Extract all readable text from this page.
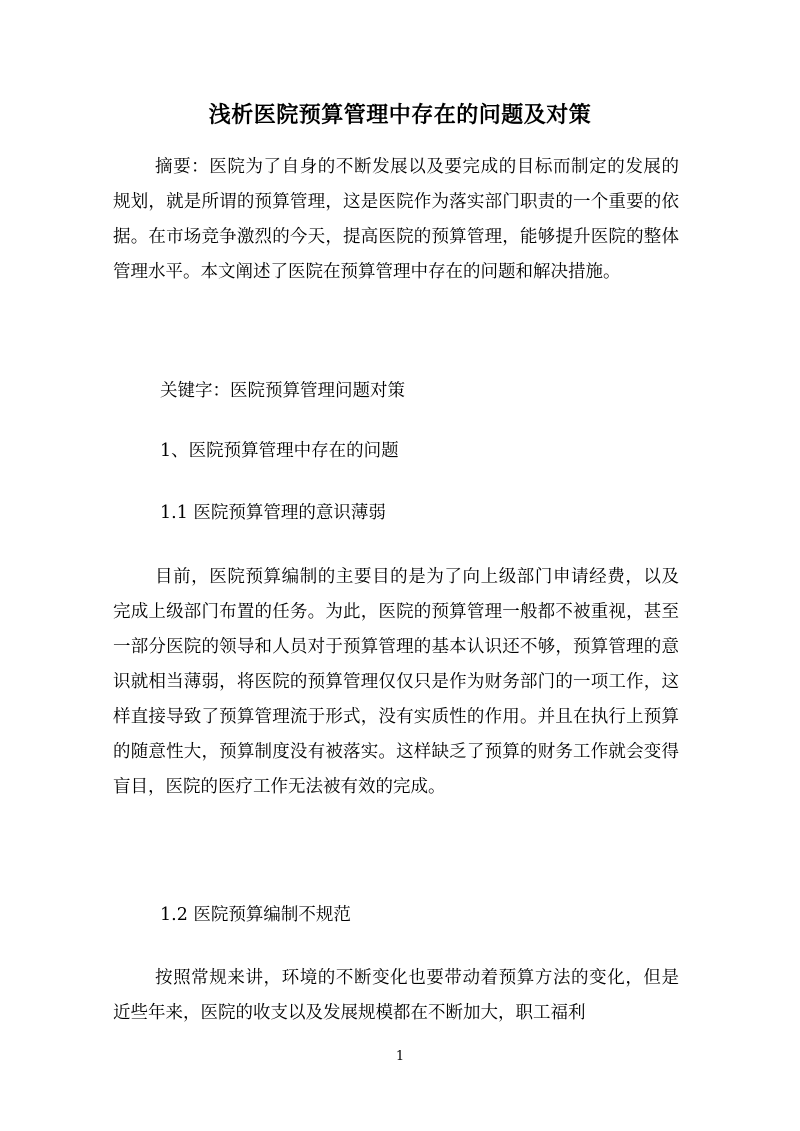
浅析医院预算管理中存在的问题及对策
摘要：医院为了自身的不断发展以及要完成的目标而制定的发展的规划，就是所谓的预算管理，这是医院作为落实部门职责的一个重要的依据。在市场竞争激烈的今天，提高医院的预算管理，能够提升医院的整体管理水平。本文阐述了医院在预算管理中存在的问题和解决措施。
关键字：医院预算管理问题对策
1、医院预算管理中存在的问题
1.1 医院预算管理的意识薄弱
目前，医院预算编制的主要目的是为了向上级部门申请经费，以及完成上级部门布置的任务。为此，医院的预算管理一般都不被重视，甚至一部分医院的领导和人员对于预算管理的基本认识还不够，预算管理的意识就相当薄弱，将医院的预算管理仅仅只是作为财务部门的一项工作，这样直接导致了预算管理流于形式，没有实质性的作用。并且在执行上预算的随意性大，预算制度没有被落实。这样缺乏了预算的财务工作就会变得盲目，医院的医疗工作无法被有效的完成。
1.2 医院预算编制不规范
按照常规来讲，环境的不断变化也要带动着预算方法的变化，但是近些年来，医院的收支以及发展规模都在不断加大，职工福利
1
